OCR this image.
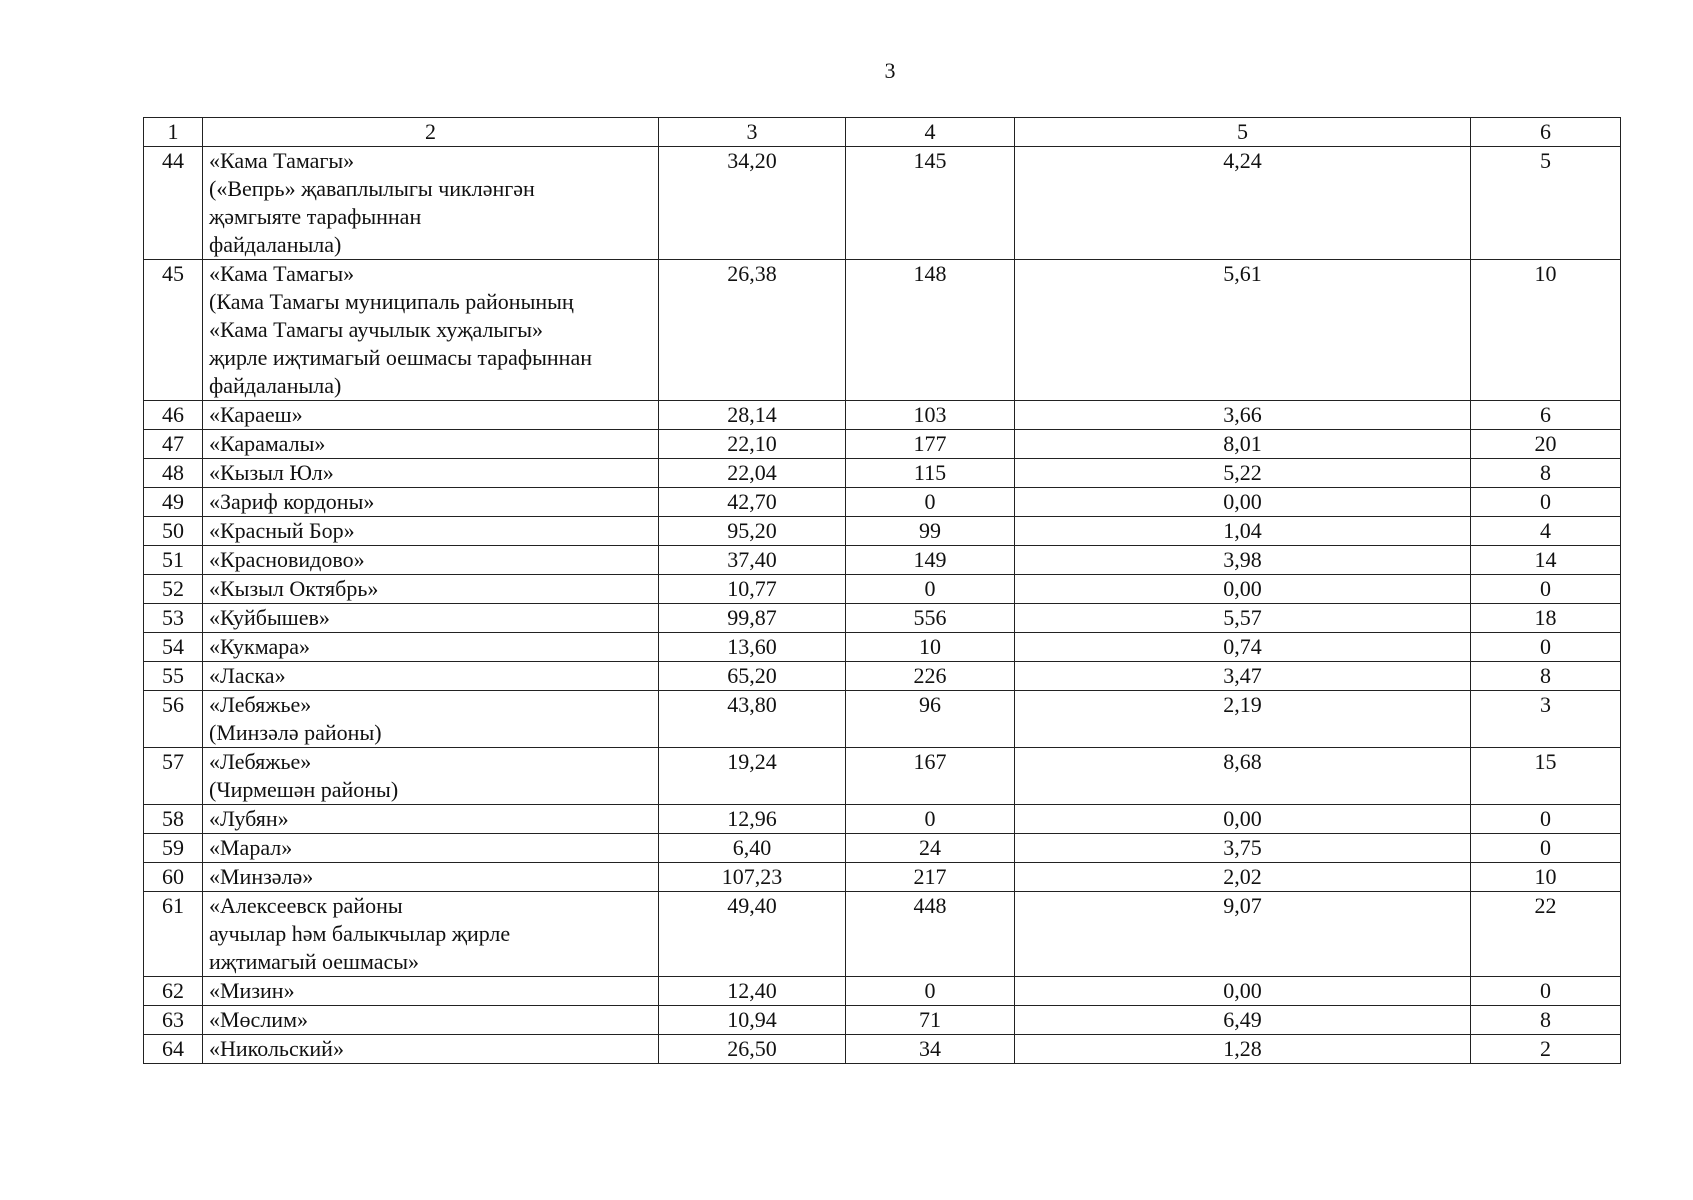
3
1	2	3	4	5	6
44	«Кама Тамагы»
(«Вепрь» җаваплылыгы чикләнгән
җәмгыяте тарафыннан
файдаланыла)	34,20	145	4,24	5
45	«Кама Тамагы»
(Кама Тамагы муниципаль районының
«Кама Тамагы аучылык хуҗалыгы»
җирле иҗтимагый оешмасы тарафыннан
файдаланыла)	26,38	148	5,61	10
46	«Караеш»	28,14	103	3,66	6
47	«Карамалы»	22,10	177	8,01	20
48	«Кызыл Юл»	22,04	115	5,22	8
49	«Зариф кордоны»	42,70	0	0,00	0
50	«Красный Бор»	95,20	99	1,04	4
51	«Красновидово»	37,40	149	3,98	14
52	«Кызыл Октябрь»	10,77	0	0,00	0
53	«Куйбышев»	99,87	556	5,57	18
54	«Кукмара»	13,60	10	0,74	0
55	«Ласка»	65,20	226	3,47	8
56	«Лебяжье»
(Минзәлә районы)	43,80	96	2,19	3
57	«Лебяжье»
(Чирмешән районы)	19,24	167	8,68	15
58	«Лубян»	12,96	0	0,00	0
59	«Марал»	6,40	24	3,75	0
60	«Минзәлә»	107,23	217	2,02	10
61	«Алексеевск районы
аучылар һәм балыкчылар җирле
иҗтимагый оешмасы»	49,40	448	9,07	22
62	«Мизин»	12,40	0	0,00	0
63	«Мөслим»	10,94	71	6,49	8
64	«Никольский»	26,50	34	1,28	2
